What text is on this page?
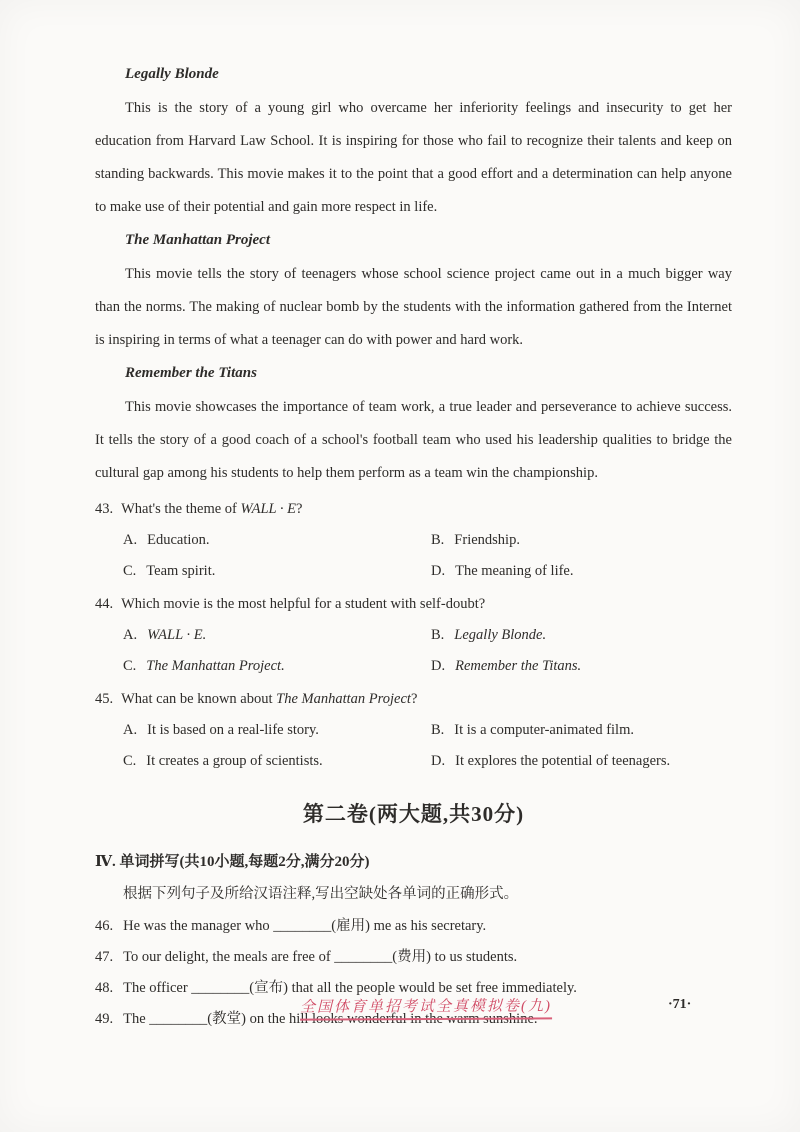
Legally Blonde

This is the story of a young girl who overcame her inferiority feelings and insecurity to get her education from Harvard Law School. It is inspiring for those who fail to recognize their talents and keep on standing backwards. This movie makes it to the point that a good effort and a determination can help anyone to make use of their potential and gain more respect in life.

The Manhattan Project

This movie tells the story of teenagers whose school science project came out in a much bigger way than the norms. The making of nuclear bomb by the students with the information gathered from the Internet is inspiring in terms of what a teenager can do with power and hard work.

Remember the Titans

This movie showcases the importance of team work, a true leader and perseverance to achieve success. It tells the story of a good coach of a school's football team who used his leadership qualities to bridge the cultural gap among his students to help them perform as a team win the championship.

43. What's the theme of WALL · E?
A. Education.	B. Friendship.
C. Team spirit.	D. The meaning of life.
44. Which movie is the most helpful for a student with self-doubt?
A. WALL · E.	B. Legally Blonde.
C. The Manhattan Project.	D. Remember the Titans.
45. What can be known about The Manhattan Project?
A. It is based on a real-life story.	B. It is a computer-animated film.
C. It creates a group of scientists.	D. It explores the potential of teenagers.
第二卷(两大题,共30分)
Ⅳ. 单词拼写(共10小题,每题2分,满分20分)
根据下列句子及所给汉语注释,写出空缺处各单词的正确形式。
46. He was the manager who ________(雇用) me as his secretary.
47. To our delight, the meals are free of ________(费用) to us students.
48. The officer ________(宣布) that all the people would be set free immediately.
49. The ________(教堂) on the hill looks wonderful in the warm sunshine.
全国体育单招考试全真模拟卷(九)	·71·
